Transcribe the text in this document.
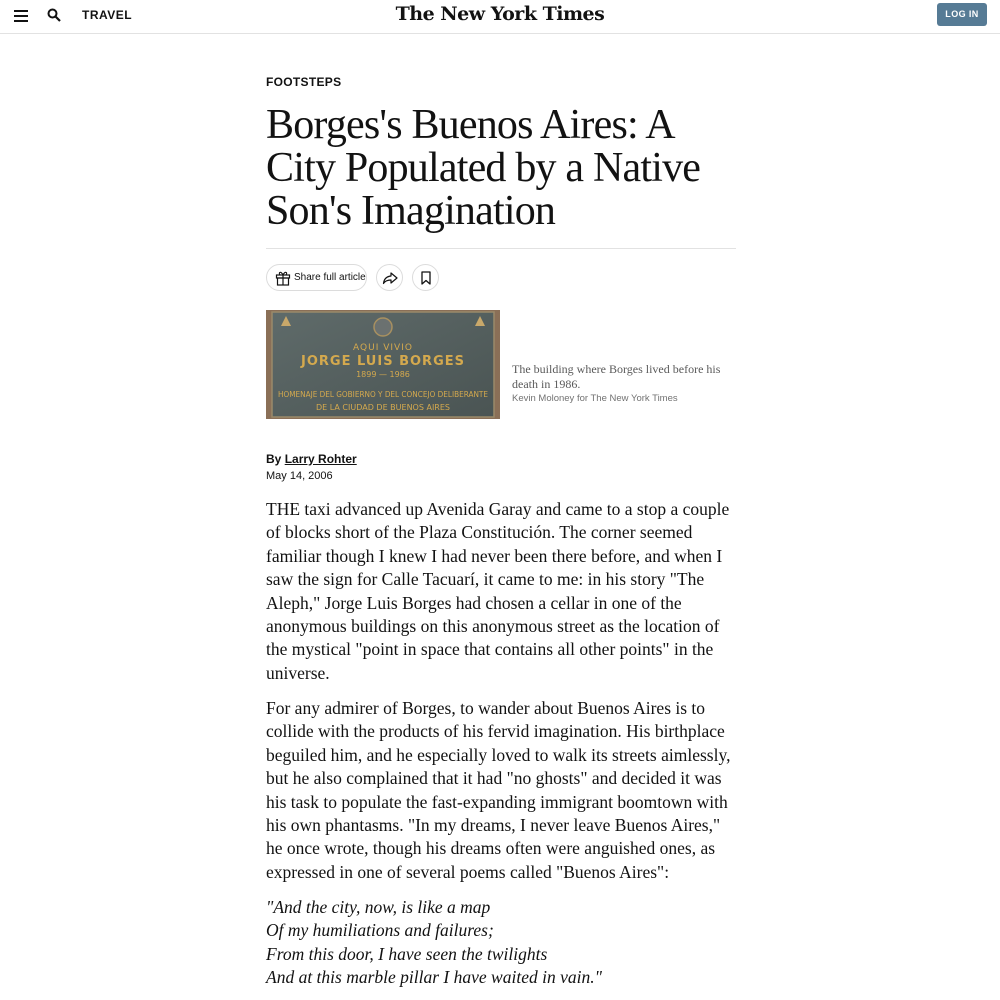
TRAVEL	The New York Times	LOG IN
FOOTSTEPS
Borges's Buenos Aires: A City Populated by a Native Son's Imagination
Share full article
AQUI VIVIO
JORGE LUIS BORGES
1899 — 1986
HOMENAJE DEL GOBIERNO Y DEL CONCEJO DELIBERANTE
DE LA CIUDAD DE BUENOS AIRES
The building where Borges lived before his death in 1986.
Kevin Moloney for The New York Times
By Larry Rohter
May 14, 2006

THE taxi advanced up Avenida Garay and came to a stop a couple of blocks short of the Plaza Constitución. The corner seemed familiar though I knew I had never been there before, and when I saw the sign for Calle Tacuarí, it came to me: in his story "The Aleph," Jorge Luis Borges had chosen a cellar in one of the anonymous buildings on this anonymous street as the location of the mystical "point in space that contains all other points" in the universe.

For any admirer of Borges, to wander about Buenos Aires is to collide with the products of his fervid imagination. His birthplace beguiled him, and he especially loved to walk its streets aimlessly, but he also complained that it had "no ghosts" and decided it was his task to populate the fast-expanding immigrant boomtown with his own phantasms. "In my dreams, I never leave Buenos Aires," he once wrote, though his dreams often were anguished ones, as expressed in one of several poems called "Buenos Aires":

"And the city, now, is like a map
Of my humiliations and failures;
From this door, I have seen the twilights
And at this marble pillar I have waited in vain."
